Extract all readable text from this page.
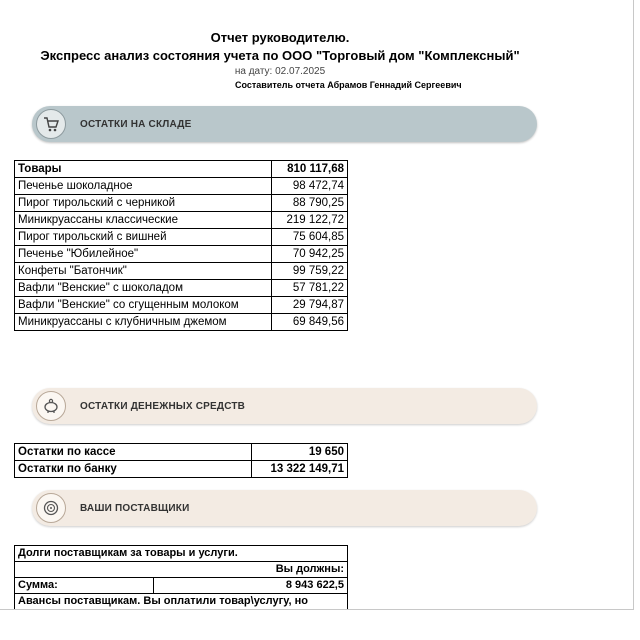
Отчет руководителю.
Экспресс анализ состояния учета по ООО "Торговый дом "Комплексный"
на дату: 02.07.2025
Составитель отчета Абрамов Геннадий Сергеевич
ОСТАТКИ НА СКЛАДЕ
Товары	810 117,68
Печенье шоколадное	98 472,74
Пирог тирольский с черникой	88 790,25
Миникруассаны классические	219 122,72
Пирог тирольский с вишней	75 604,85
Печенье "Юбилейное"	70 942,25
Конфеты "Батончик"	99 759,22
Вафли "Венские" с шоколадом	57 781,22
Вафли "Венские" со сгущенным молоком	29 794,87
Миникруассаны с клубничным джемом	69 849,56
ОСТАТКИ ДЕНЕЖНЫХ СРЕДСТВ
Остатки по кассе	19 650
Остатки по банку	13 322 149,71
ВАШИ ПОСТАВЩИКИ
Долги поставщикам за товары и услуги.
Вы должны:
Сумма:	8 943 622,5
Авансы поставщикам. Вы оплатили товар\услугу, но
